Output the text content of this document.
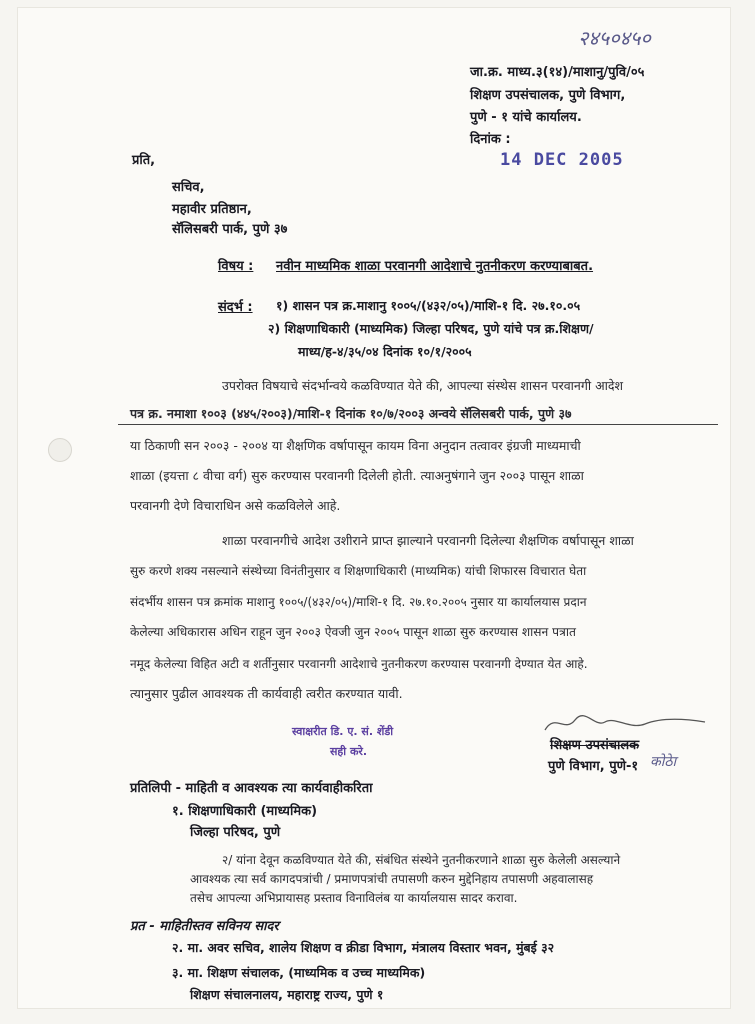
२४५०४५०
जा.क्र. माध्य.३(१४)/माशानु/पुवि/०५
शिक्षण उपसंचालक, पुणे विभाग,
पुणे - १ यांचे कार्यालय.
दिनांक :
14 DEC 2005
प्रति,
सचिव,
महावीर प्रतिष्ठान,
सॅलिसबरी पार्क, पुणे ३७
विषय : नवीन माध्यमिक शाळा परवानगी आदेशाचे नुतनीकरण करण्याबाबत.
संदर्भ : १) शासन पत्र क्र.माशानु १००५/(४३२/०५)/माशि-१ दि. २७.१०.०५
२) शिक्षणाधिकारी (माध्यमिक) जिल्हा परिषद, पुणे यांचे पत्र क्र.शिक्षण/
माध्य/ह-४/३५/०४ दिनांक १०/१/२००५
उपरोक्त विषयाचे संदर्भान्वये कळविण्यात येते की, आपल्या संस्थेस शासन परवानगी आदेश
पत्र क्र. नमाशा १००३ (४४५/२००३)/माशि-१ दिनांक १०/७/२००३ अन्वये सॅलिसबरी पार्क, पुणे ३७
या ठिकाणी सन २००३ - २००४ या शैक्षणिक वर्षापासून कायम विना अनुदान तत्वावर इंग्रजी माध्यमाची
शाळा (इयत्ता ८ वीचा वर्ग) सुरु करण्यास परवानगी दिलेली होती. त्याअनुषंगाने जुन २००३ पासून शाळा
परवानगी देणे विचाराधिन असे कळविलेले आहे.
शाळा परवानगीचे आदेश उशीराने प्राप्त झाल्याने परवानगी दिलेल्या शैक्षणिक वर्षापासून शाळा
सुरु करणे शक्य नसल्याने संस्थेच्या विनंतीनुसार व शिक्षणाधिकारी (माध्यमिक) यांची शिफारस विचारात घेता
संदर्भीय शासन पत्र क्रमांक माशानु १००५/(४३२/०५)/माशि-१ दि. २७.१०.२००५ नुसार या कार्यालयास प्रदान
केलेल्या अधिकारास अधिन राहून जुन २००३ ऐवजी जुन २००५ पासून शाळा सुरु करण्यास शासन पत्रात
नमूद केलेल्या विहित अटी व शर्तीनुसार परवानगी आदेशाचे नुतनीकरण करण्यास परवानगी देण्यात येत आहे.
त्यानुसार पुढील आवश्यक ती कार्यवाही त्वरीत करण्यात यावी.
स्वाक्षरीत डि. ए. सं. शेंडी
सही करे.	शिक्षण उपसंचालक
पुणे विभाग, पुणे-१ कोठेा
प्रतिलिपी - माहिती व आवश्यक त्या कार्यवाहीकरिता
१. शिक्षणाधिकारी (माध्यमिक)
जिल्हा परिषद, पुणे
२/ यांना देवून कळविण्यात येते की, संबंधित संस्थेने नुतनीकरणाने शाळा सुरु केलेली असल्याने
आवश्यक त्या सर्व कागदपत्रांची / प्रमाणपत्रांची तपासणी करुन मुद्देनिहाय तपासणी अहवालासह
तसेच आपल्या अभिप्रायासह प्रस्ताव विनाविलंब या कार्यालयास सादर करावा.
प्रत - माहितीस्तव सविनय सादर
२. मा. अवर सचिव, शालेय शिक्षण व क्रीडा विभाग, मंत्रालय विस्तार भवन, मुंबई ३२
३. मा. शिक्षण संचालक, (माध्यमिक व उच्च माध्यमिक)
शिक्षण संचालनालय, महाराष्ट्र राज्य, पुणे १
